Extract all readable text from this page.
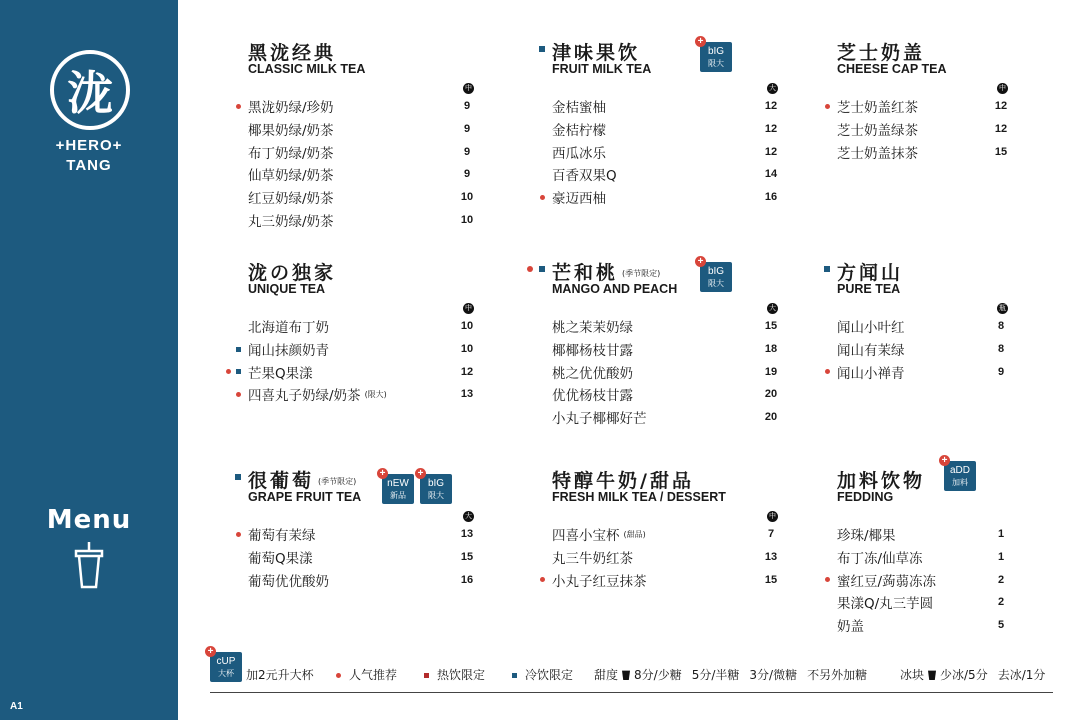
泷
+HERO+
TANG
Menu
A1
黑泷经典
CLASSIC MILK TEA
中
黑泷奶绿/珍奶	9
椰果奶绿/奶茶	9
布丁奶绿/奶茶	9
仙草奶绿/奶茶	9
红豆奶绿/奶茶	10
丸三奶绿/奶茶	10
津味果饮
FRUIT MILK TEA
+
bIG
限大
大
金桔蜜柚	12
金桔柠檬	12
西瓜冰乐	12
百香双果Q	14
豪迈西柚	16
芝士奶盖
CHEESE CAP TEA
中
芝士奶盖红茶	12
芝士奶盖绿茶	12
芝士奶盖抹茶	15
泷の独家
UNIQUE TEA
中
北海道布丁奶	10
闻山抹颜奶青	10
芒果Q果漾	12
四喜丸子奶绿/奶茶 (限大)	13
芒和桃 (季节限定)
MANGO AND PEACH
+
bIG
限大
大
桃之茉茉奶绿	15
椰椰杨枝甘露	18
桃之优优酸奶	19
优优杨枝甘露	20
小丸子椰椰好芒	20
方闻山
PURE TEA
瓶
闻山小叶红	8
闻山有茉绿	8
闻山小禅青	9
很葡萄 (季节限定)
GRAPE FRUIT TEA
+
nEW
新品
+
bIG
限大
大
葡萄有茉绿	13
葡萄Q果漾	15
葡萄优优酸奶	16
特醇牛奶/甜品
FRESH MILK TEA / DESSERT
中
四喜小宝杯 (甜品)	7
丸三牛奶红茶	13
小丸子红豆抹茶	15
加料饮物
FEDDING
+
aDD
加料
珍珠/椰果	1
布丁冻/仙草冻	1
蜜红豆/蒟蒻冻冻	2
果漾Q/丸三芋圆	2
奶盖	5
+
cUP
大杯	加2元升大杯	人气推荐	热饮限定	冷饮限定 甜度 8分/少糖 5分/半糖 3分/微糖 不另外加糖	冰块 少冰/5分 去冰/1分
